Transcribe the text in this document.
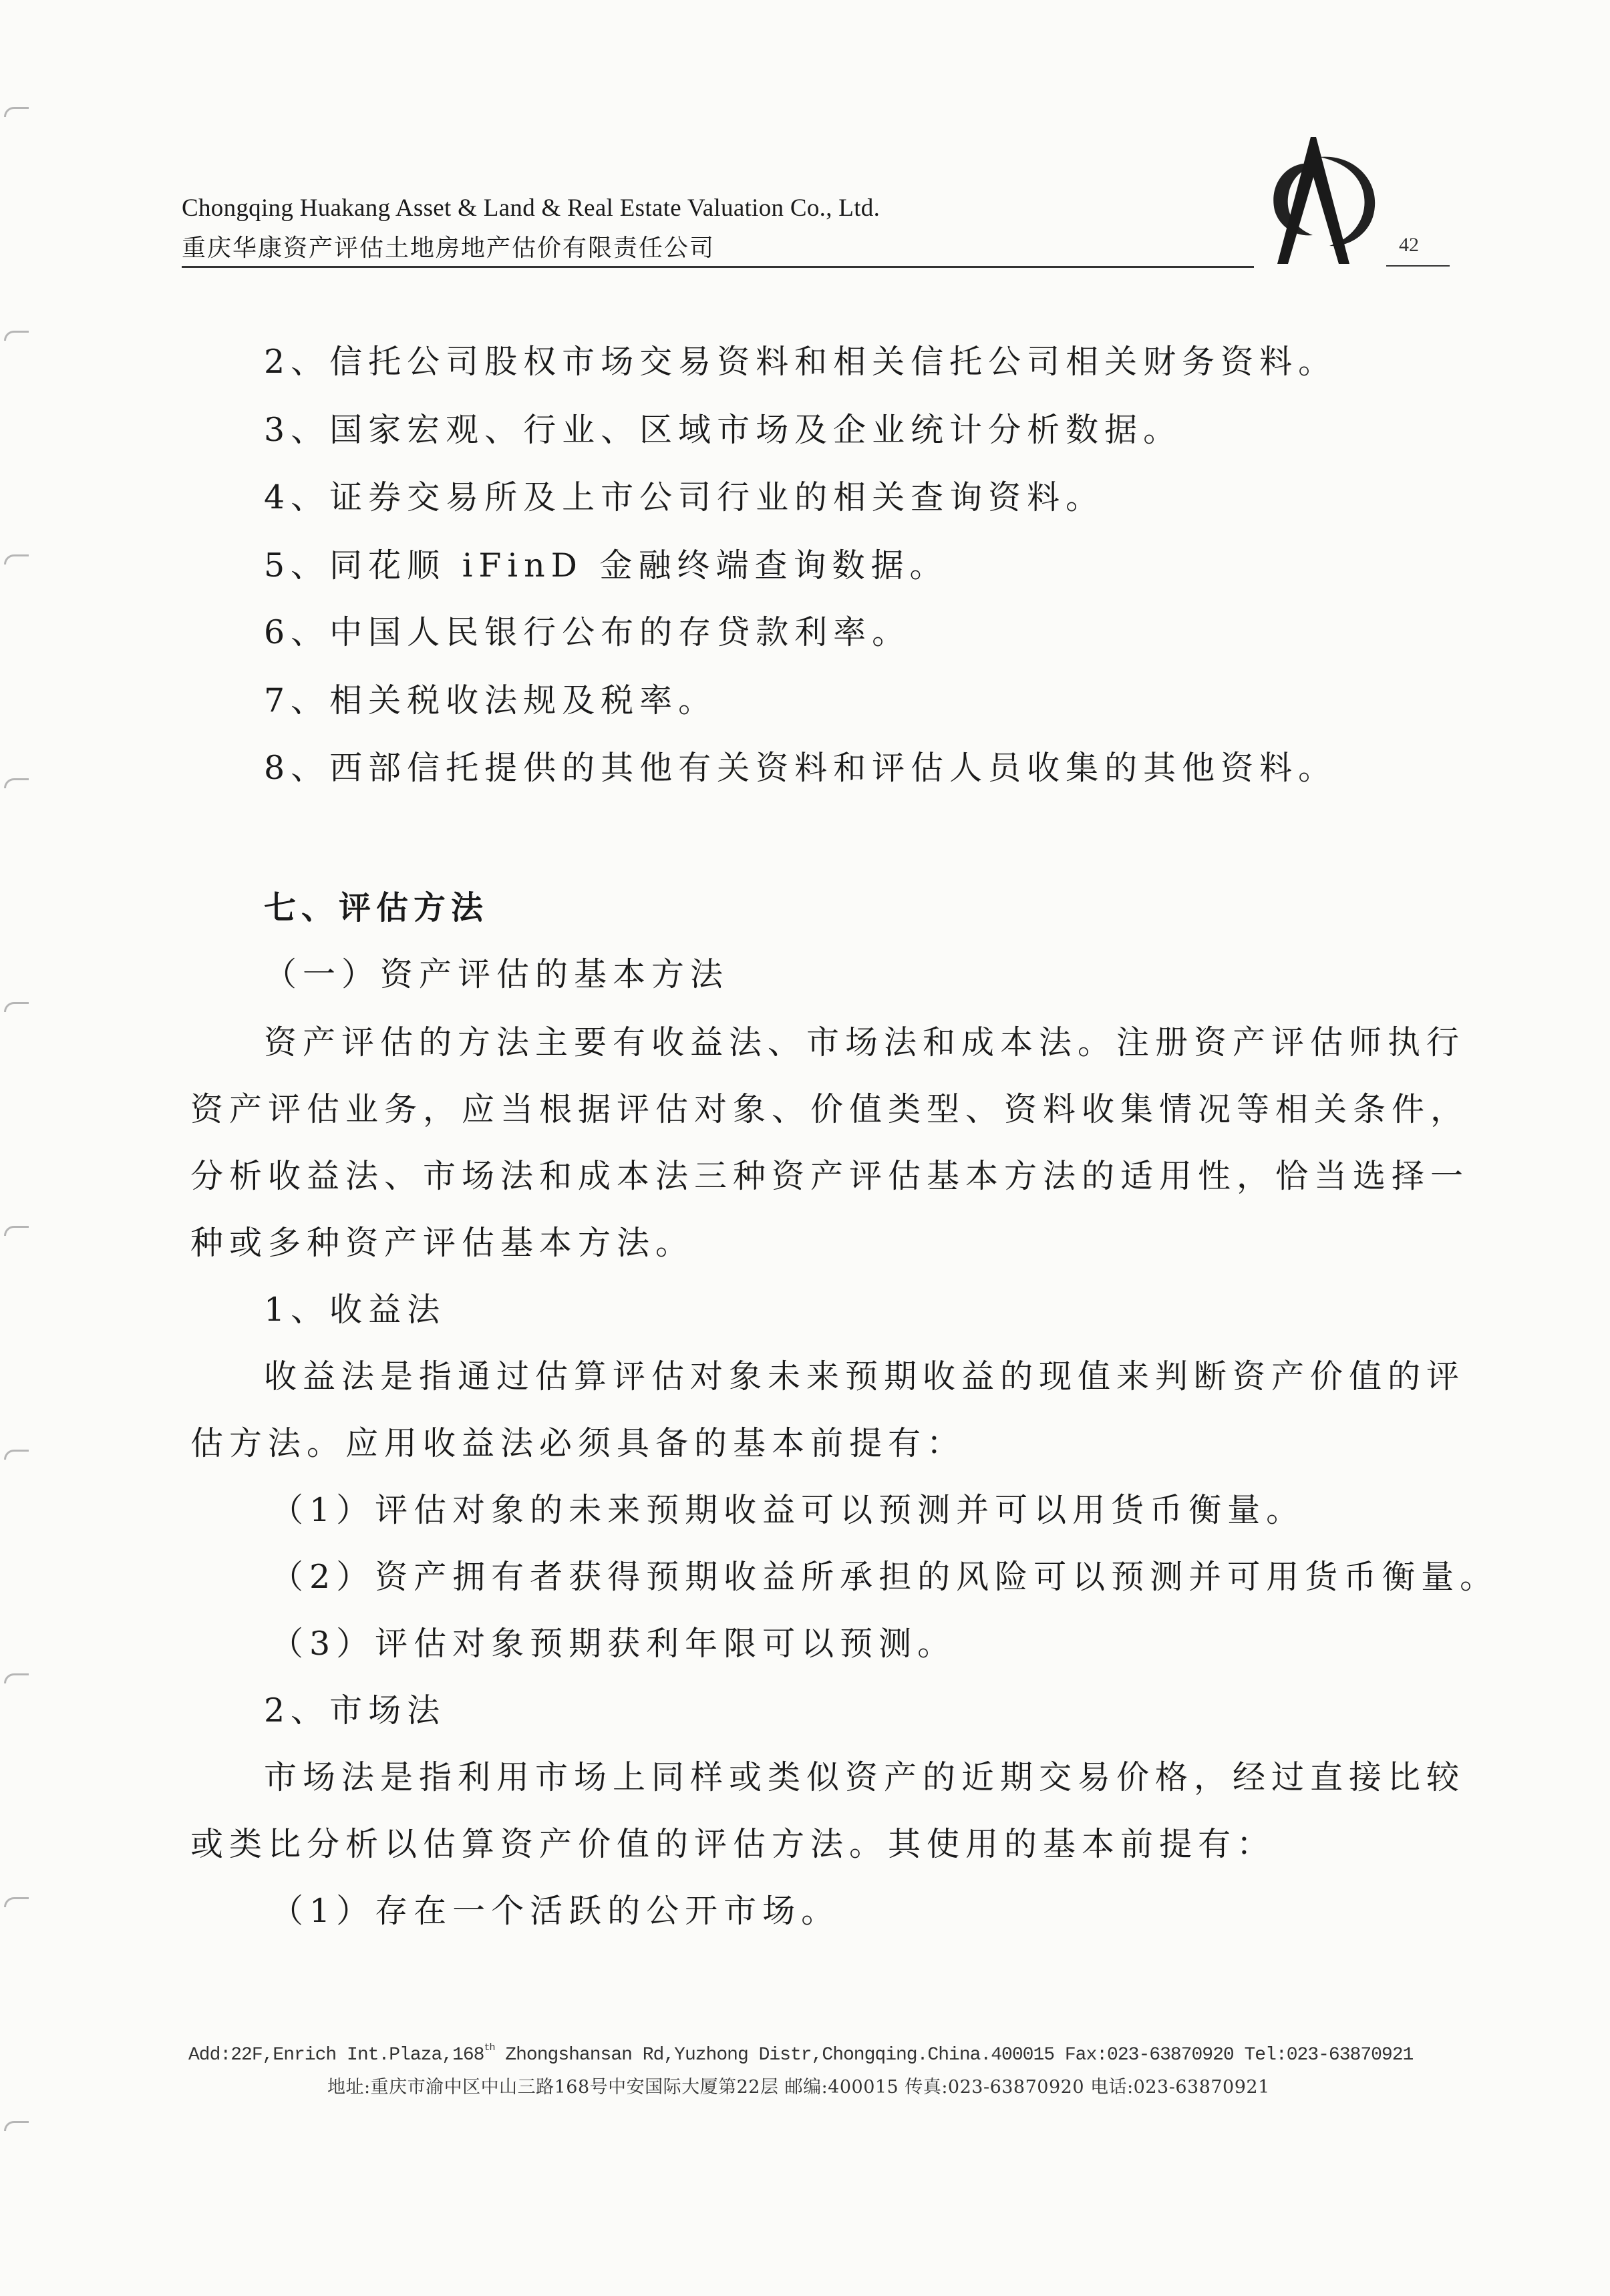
Chongqing Huakang Asset & Land & Real Estate Valuation Co., Ltd.
重庆华康资产评估土地房地产估价有限责任公司	42
2、信托公司股权市场交易资料和相关信托公司相关财务资料。
3、国家宏观、行业、区域市场及企业统计分析数据。
4、证券交易所及上市公司行业的相关查询资料。
5、同花顺 iFinD 金融终端查询数据。
6、中国人民银行公布的存贷款利率。
7、相关税收法规及税率。
8、西部信托提供的其他有关资料和评估人员收集的其他资料。
七、评估方法
（一）资产评估的基本方法
资产评估的方法主要有收益法、市场法和成本法。注册资产评估师执行
资产评估业务，应当根据评估对象、价值类型、资料收集情况等相关条件，
分析收益法、市场法和成本法三种资产评估基本方法的适用性，恰当选择一
种或多种资产评估基本方法。
1、收益法
收益法是指通过估算评估对象未来预期收益的现值来判断资产价值的评
估方法。应用收益法必须具备的基本前提有：
（1）评估对象的未来预期收益可以预测并可以用货币衡量。
（2）资产拥有者获得预期收益所承担的风险可以预测并可用货币衡量。
（3）评估对象预期获利年限可以预测。
2、市场法
市场法是指利用市场上同样或类似资产的近期交易价格，经过直接比较
或类比分析以估算资产价值的评估方法。其使用的基本前提有：
（1）存在一个活跃的公开市场。
Add:22F,Enrich Int.Plaza,168th Zhongshansan Rd,Yuzhong Distr,Chongqing.China.400015 Fax:023-63870920 Tel:023-63870921
地址:重庆市渝中区中山三路168号中安国际大厦第22层 邮编:400015 传真:023-63870920 电话:023-63870921
